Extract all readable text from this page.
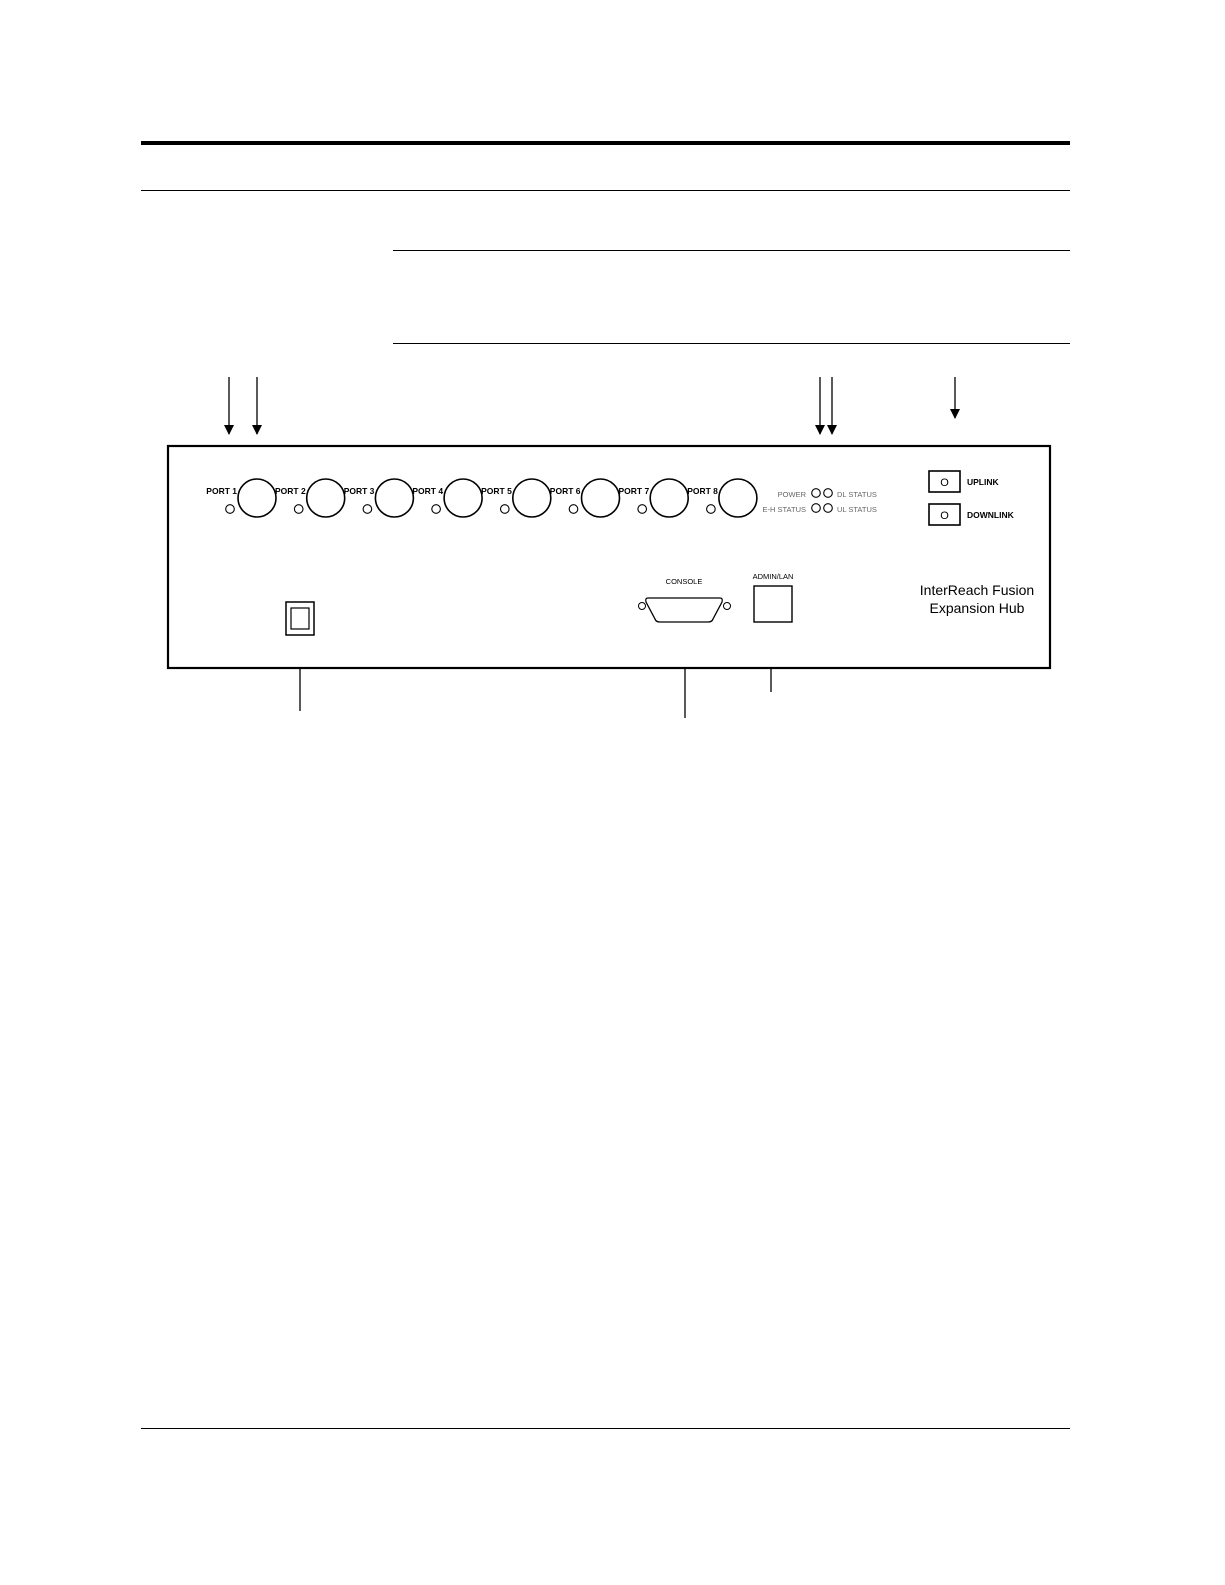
PORT 1	PORT 2	PORT 3	PORT 4	PORT 5	PORT 6	PORT 7	PORT 8	POWER
E-H STATUS
DL STATUS
UL STATUS
O UPLINK
O DOWNLINK
CONSOLE
ADMIN/LAN
InterReach Fusion
Expansion Hub
